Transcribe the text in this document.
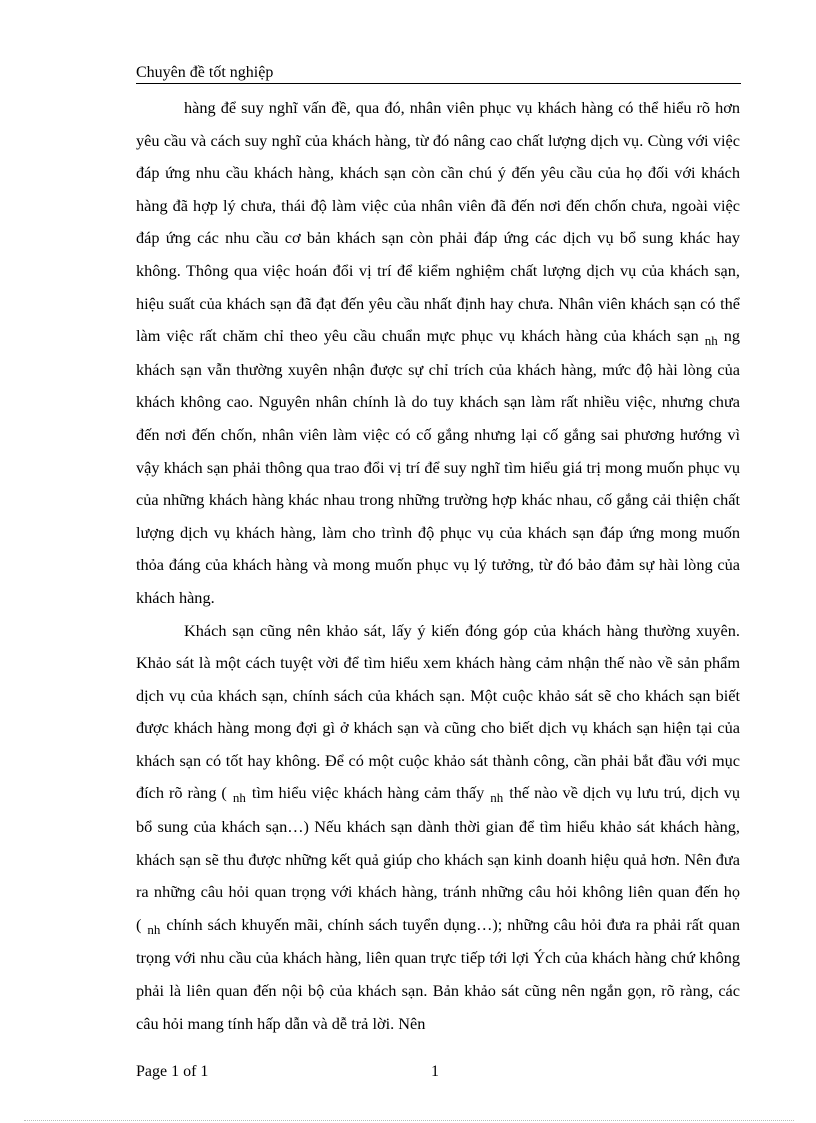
Chuyên đề tốt nghiệp

hàng để suy nghĩ vấn đề, qua đó, nhân viên phục vụ khách hàng có thể hiểu rõ hơn yêu cầu và cách suy nghĩ của khách hàng, từ đó nâng cao chất lượng dịch vụ. Cùng với việc đáp ứng nhu cầu khách hàng, khách sạn còn cần chú ý đến yêu cầu của họ đối với khách hàng đã hợp lý chưa, thái độ làm việc của nhân viên đã đến nơi đến chốn chưa, ngoài việc đáp ứng các nhu cầu cơ bản khách sạn còn phải đáp ứng các dịch vụ bổ sung khác hay không. Thông qua việc hoán đổi vị trí để kiểm nghiệm chất lượng dịch vụ của khách sạn, hiệu suất của khách sạn đã đạt đến yêu cầu nhất định hay chưa. Nhân viên khách sạn có thể làm việc rất chăm chỉ theo yêu cầu chuẩn mực phục vụ khách hàng của khách sạn $_{nh}$ ng khách sạn vẫn thường xuyên nhận được sự chỉ trích của khách hàng, mức độ hài lòng của khách không cao. Nguyên nhân chính là do tuy khách sạn làm rất nhiều việc, nhưng chưa đến nơi đến chốn, nhân viên làm việc có cố gắng nhưng lại cố gắng sai phương hướng vì vậy khách sạn phải thông qua trao đổi vị trí để suy nghĩ tìm hiểu giá trị mong muốn phục vụ của những khách hàng khác nhau trong những trường hợp khác nhau, cố gắng cải thiện chất lượng dịch vụ khách hàng, làm cho trình độ phục vụ của khách sạn đáp ứng mong muốn thỏa đáng của khách hàng và mong muốn phục vụ lý tưởng, từ đó bảo đảm sự hài lòng của khách hàng.

Khách sạn cũng nên khảo sát, lấy ý kiến đóng góp của khách hàng thường xuyên. Khảo sát là một cách tuyệt vời để tìm hiểu xem khách hàng cảm nhận thế nào về sản phẩm dịch vụ của khách sạn, chính sách của khách sạn. Một cuộc khảo sát sẽ cho khách sạn biết được khách hàng mong đợi gì ở khách sạn và cũng cho biết dịch vụ khách sạn hiện tại của khách sạn có tốt hay không. Để có một cuộc khảo sát thành công, cần phải bắt đầu với mục đích rõ ràng ( $_{nh}$ tìm hiểu việc khách hàng cảm thấy $_{nh}$ thế nào về dịch vụ lưu trú, dịch vụ bổ sung của khách sạn…) Nếu khách sạn dành thời gian để tìm hiểu khảo sát khách hàng, khách sạn sẽ thu được những kết quả giúp cho khách sạn kinh doanh hiệu quả hơn. Nên đưa ra những câu hỏi quan trọng với khách hàng, tránh những câu hỏi không liên quan đến họ ( $_{nh}$ chính sách khuyến mãi, chính sách tuyển dụng…); những câu hỏi đưa ra phải rất quan trọng với nhu cầu của khách hàng, liên quan trực tiếp tới lợi Ých của khách hàng chứ không phải là liên quan đến nội bộ của khách sạn. Bản khảo sát cũng nên ngắn gọn, rõ ràng, các câu hỏi mang tính hấp dẫn và dễ trả lời. Nên

Page 1 of 1	1
